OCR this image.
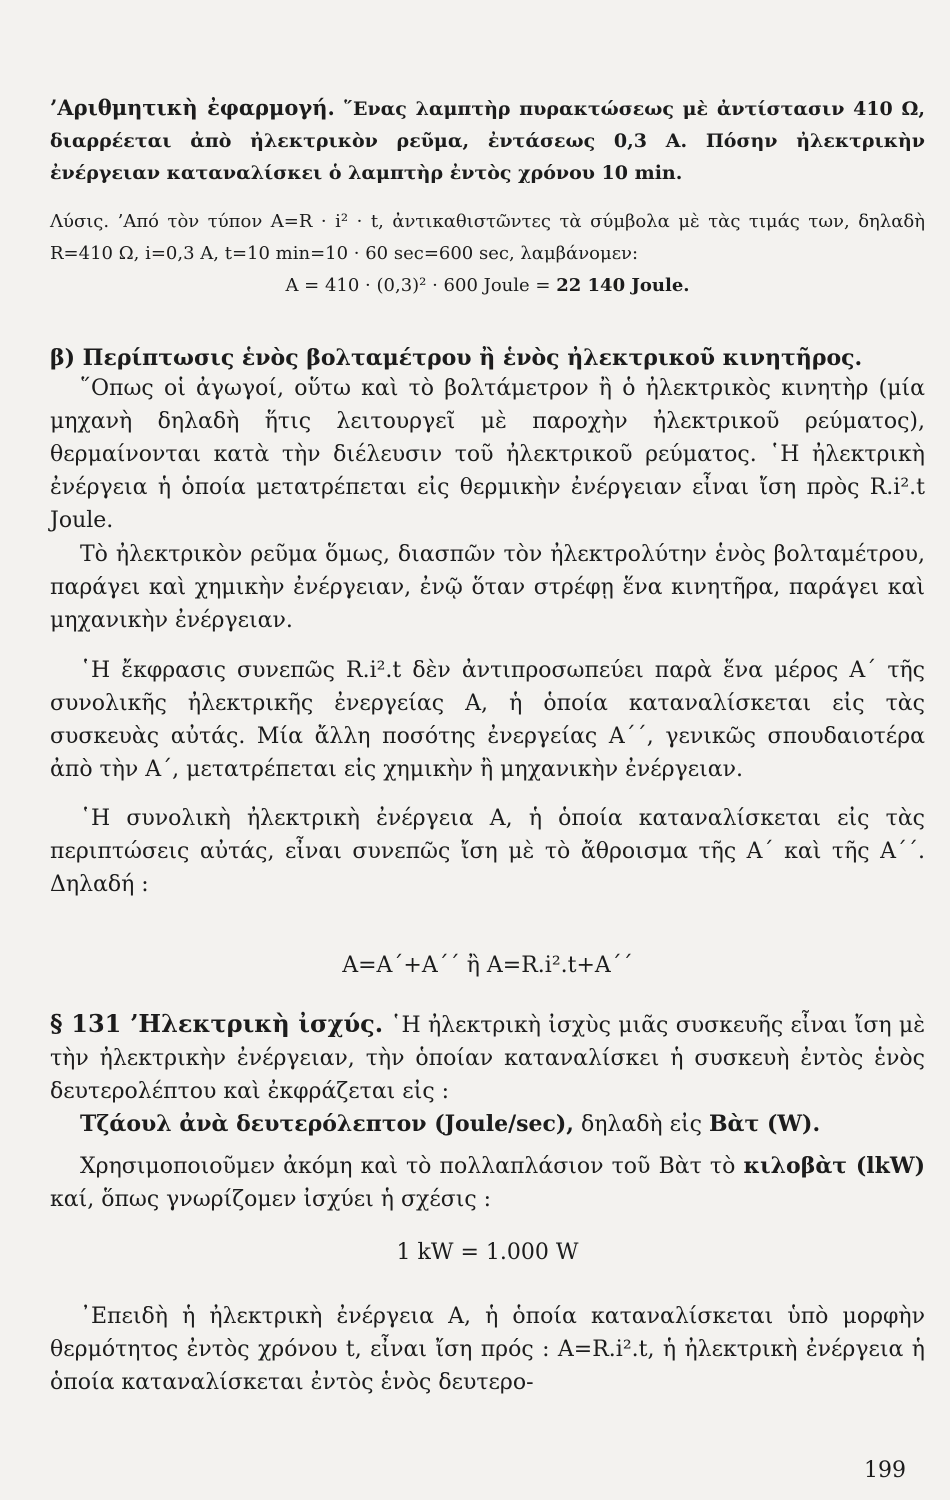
’Αριθμητικὴ ἐφαρμογή. ῞Ενας λαμπτὴρ πυρακτώσεως μὲ ἀντίστασιν 410 Ω, διαρρέεται ἀπὸ ἠλεκτρικὸν ρεῦμα, ἐντάσεως 0,3 Α. Πόσην ἠλεκτρικὴν ἐνέργειαν καταναλίσκει ὁ λαμπτὴρ ἐντὸς χρόνου 10 min.

Λύσις. ’Από τὸν τύπον Α=R · i² · t, ἀντικαθιστῶντες τὰ σύμβολα μὲ τὰς τιμάς των, δηλαδὴ R=410 Ω, i=0,3 A, t=10 min=10 · 60 sec=600 sec, λαμβάνομεν:

Α = 410 · (0,3)² · 600 Joule = 22 140 Joule.

β) Περίπτωσις ἑνὸς βολταμέτρου ἢ ἑνὸς ἠλεκτρικοῦ κινητῆρος.

῞Οπως οἱ ἀγωγοί, οὕτω καὶ τὸ βολτάμετρον ἢ ὁ ἠλεκτρικὸς κινητὴρ (μία μηχανὴ δηλαδὴ ἥτις λειτουργεῖ μὲ παροχὴν ἠλεκτρικοῦ ρεύματος), θερμαίνονται κατὰ τὴν διέλευσιν τοῦ ἠλεκτρικοῦ ρεύματος. ῾Η ἠλεκτρικὴ ἐνέργεια ἡ ὁποία μετατρέπεται εἰς θερμικὴν ἐνέργειαν εἶναι ἴση πρὸς R.i².t Joule.

Τὸ ἠλεκτρικὸν ρεῦμα ὅμως, διασπῶν τὸν ἠλεκτρολύτην ἑνὸς βολταμέτρου, παράγει καὶ χημικὴν ἐνέργειαν, ἐνῷ ὅταν στρέφῃ ἕνα κινητῆρα, παράγει καὶ μηχανικὴν ἐνέργειαν.

῾Η ἔκφρασις συνεπῶς R.i².t δὲν ἀντιπροσωπεύει παρὰ ἕνα μέρος Α΄ τῆς συνολικῆς ἠλεκτρικῆς ἐνεργείας Α, ἡ ὁποία καταναλίσκεται εἰς τὰς συσκευὰς αὐτάς. Μία ἄλλη ποσότης ἐνεργείας Α΄΄, γενικῶς σπουδαιοτέρα ἀπὸ τὴν Α΄, μετατρέπεται εἰς χημικὴν ἢ μηχανικὴν ἐνέργειαν.

῾Η συνολικὴ ἠλεκτρικὴ ἐνέργεια Α, ἡ ὁποία καταναλίσκεται εἰς τὰς περιπτώσεις αὐτάς, εἶναι συνεπῶς ἴση μὲ τὸ ἄθροισμα τῆς Α΄ καὶ τῆς Α΄΄. Δηλαδή :

Α=Α΄+Α΄΄ ἢ Α=R.i².t+Α΄΄

§ 131 ’Ηλεκτρικὴ ἰσχύς. ῾Η ἠλεκτρικὴ ἰσχὺς μιᾶς συσκευῆς εἶναι ἴση μὲ τὴν ἠλεκτρικὴν ἐνέργειαν, τὴν ὁποίαν καταναλίσκει ἡ συσκευὴ ἐντὸς ἑνὸς δευτερολέπτου καὶ ἐκφράζεται εἰς :

Τζάουλ ἀνὰ δευτερόλεπτον (Joule/sec), δηλαδὴ εἰς Βὰτ (W).

Χρησιμοποιοῦμεν ἀκόμη καὶ τὸ πολλαπλάσιον τοῦ Βὰτ τὸ κιλοβὰτ (lkW) καί, ὅπως γνωρίζομεν ἰσχύει ἡ σχέσις :

1 kW = 1.000 W

᾿Επειδὴ ἡ ἠλεκτρικὴ ἐνέργεια Α, ἡ ὁποία καταναλίσκεται ὑπὸ μορφὴν θερμότητος ἐντὸς χρόνου t, εἶναι ἴση πρός : Α=R.i².t, ἡ ἠλεκτρικὴ ἐνέργεια ἡ ὁποία καταναλίσκεται ἐντὸς ἑνὸς δευτερο-

199
